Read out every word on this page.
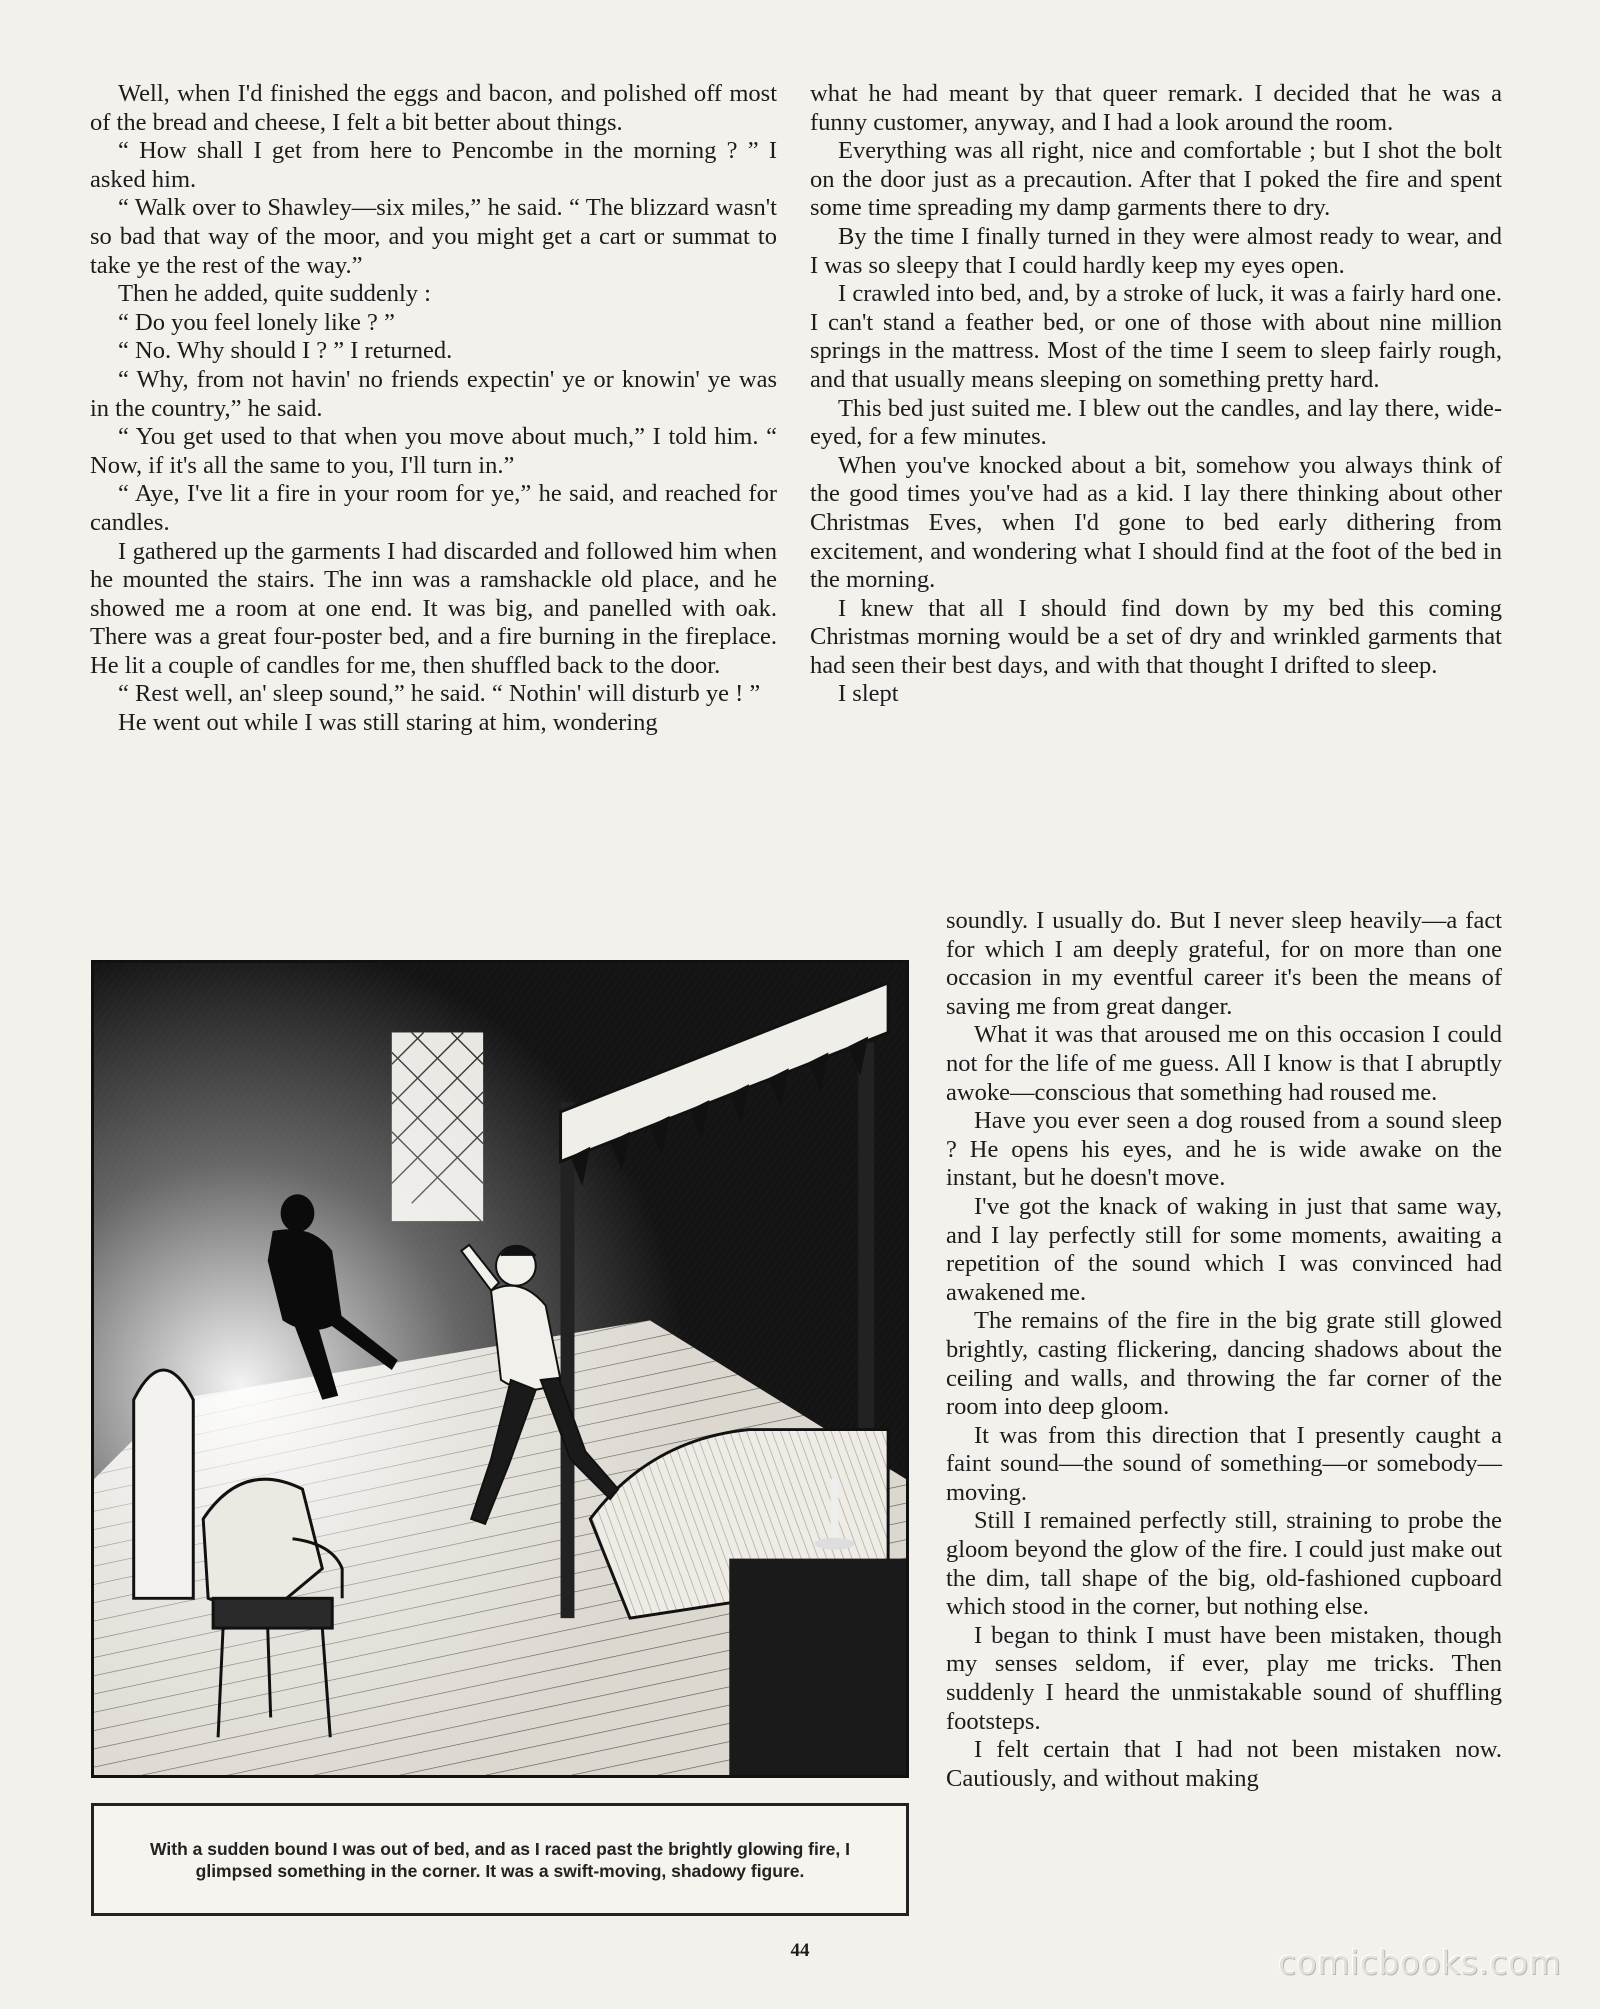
Well, when I'd finished the eggs and bacon, and polished off most of the bread and cheese, I felt a bit better about things.

“ How shall I get from here to Pencombe in the morning ? ” I asked him.

“ Walk over to Shawley—six miles,” he said. “ The blizzard wasn't so bad that way of the moor, and you might get a cart or summat to take ye the rest of the way.”

Then he added, quite suddenly :

“ Do you feel lonely like ? ”

“ No. Why should I ? ” I returned.

“ Why, from not havin' no friends expectin' ye or knowin' ye was in the country,” he said.

“ You get used to that when you move about much,” I told him. “ Now, if it's all the same to you, I'll turn in.”

“ Aye, I've lit a fire in your room for ye,” he said, and reached for candles.

I gathered up the garments I had discarded and followed him when he mounted the stairs. The inn was a ramshackle old place, and he showed me a room at one end. It was big, and panelled with oak. There was a great four-poster bed, and a fire burning in the fireplace. He lit a couple of candles for me, then shuffled back to the door.

“ Rest well, an' sleep sound,” he said. “ Nothin' will disturb ye ! ”

He went out while I was still staring at him, wondering

what he had meant by that queer remark. I decided that he was a funny customer, anyway, and I had a look around the room.

Everything was all right, nice and comfortable ; but I shot the bolt on the door just as a precaution. After that I poked the fire and spent some time spreading my damp garments there to dry.

By the time I finally turned in they were almost ready to wear, and I was so sleepy that I could hardly keep my eyes open.

I crawled into bed, and, by a stroke of luck, it was a fairly hard one. I can't stand a feather bed, or one of those with about nine million springs in the mattress. Most of the time I seem to sleep fairly rough, and that usually means sleeping on something pretty hard.

This bed just suited me. I blew out the candles, and lay there, wide-eyed, for a few minutes.

When you've knocked about a bit, somehow you always think of the good times you've had as a kid. I lay there thinking about other Christmas Eves, when I'd gone to bed early dithering from excitement, and wondering what I should find at the foot of the bed in the morning.

I knew that all I should find down by my bed this coming Christmas morning would be a set of dry and wrinkled garments that had seen their best days, and with that thought I drifted to sleep.

I slept

soundly. I usually do. But I never sleep heavily—a fact for which I am deeply grateful, for on more than one occasion in my eventful career it's been the means of saving me from great danger.

What it was that aroused me on this occasion I could not for the life of me guess. All I know is that I abruptly awoke—conscious that something had roused me.

Have you ever seen a dog roused from a sound sleep ? He opens his eyes, and he is wide awake on the instant, but he doesn't move.

I've got the knack of waking in just that same way, and I lay perfectly still for some moments, awaiting a repetition of the sound which I was convinced had awakened me.

The remains of the fire in the big grate still glowed brightly, casting flickering, dancing shadows about the ceiling and walls, and throwing the far corner of the room into deep gloom.

It was from this direction that I presently caught a faint sound—the sound of something—or somebody—moving.

Still I remained perfectly still, straining to probe the gloom beyond the glow of the fire. I could just make out the dim, tall shape of the big, old-fashioned cupboard which stood in the corner, but nothing else.

I began to think I must have been mistaken, though my senses seldom, if ever, play me tricks. Then suddenly I heard the unmistakable sound of shuffling footsteps.

I felt certain that I had not been mistaken now. Cautiously, and without making

With a sudden bound I was out of bed, and as I raced past the brightly glowing fire, I glimpsed something in the corner. It was a swift-moving, shadowy figure.
44	comicbooks.com
